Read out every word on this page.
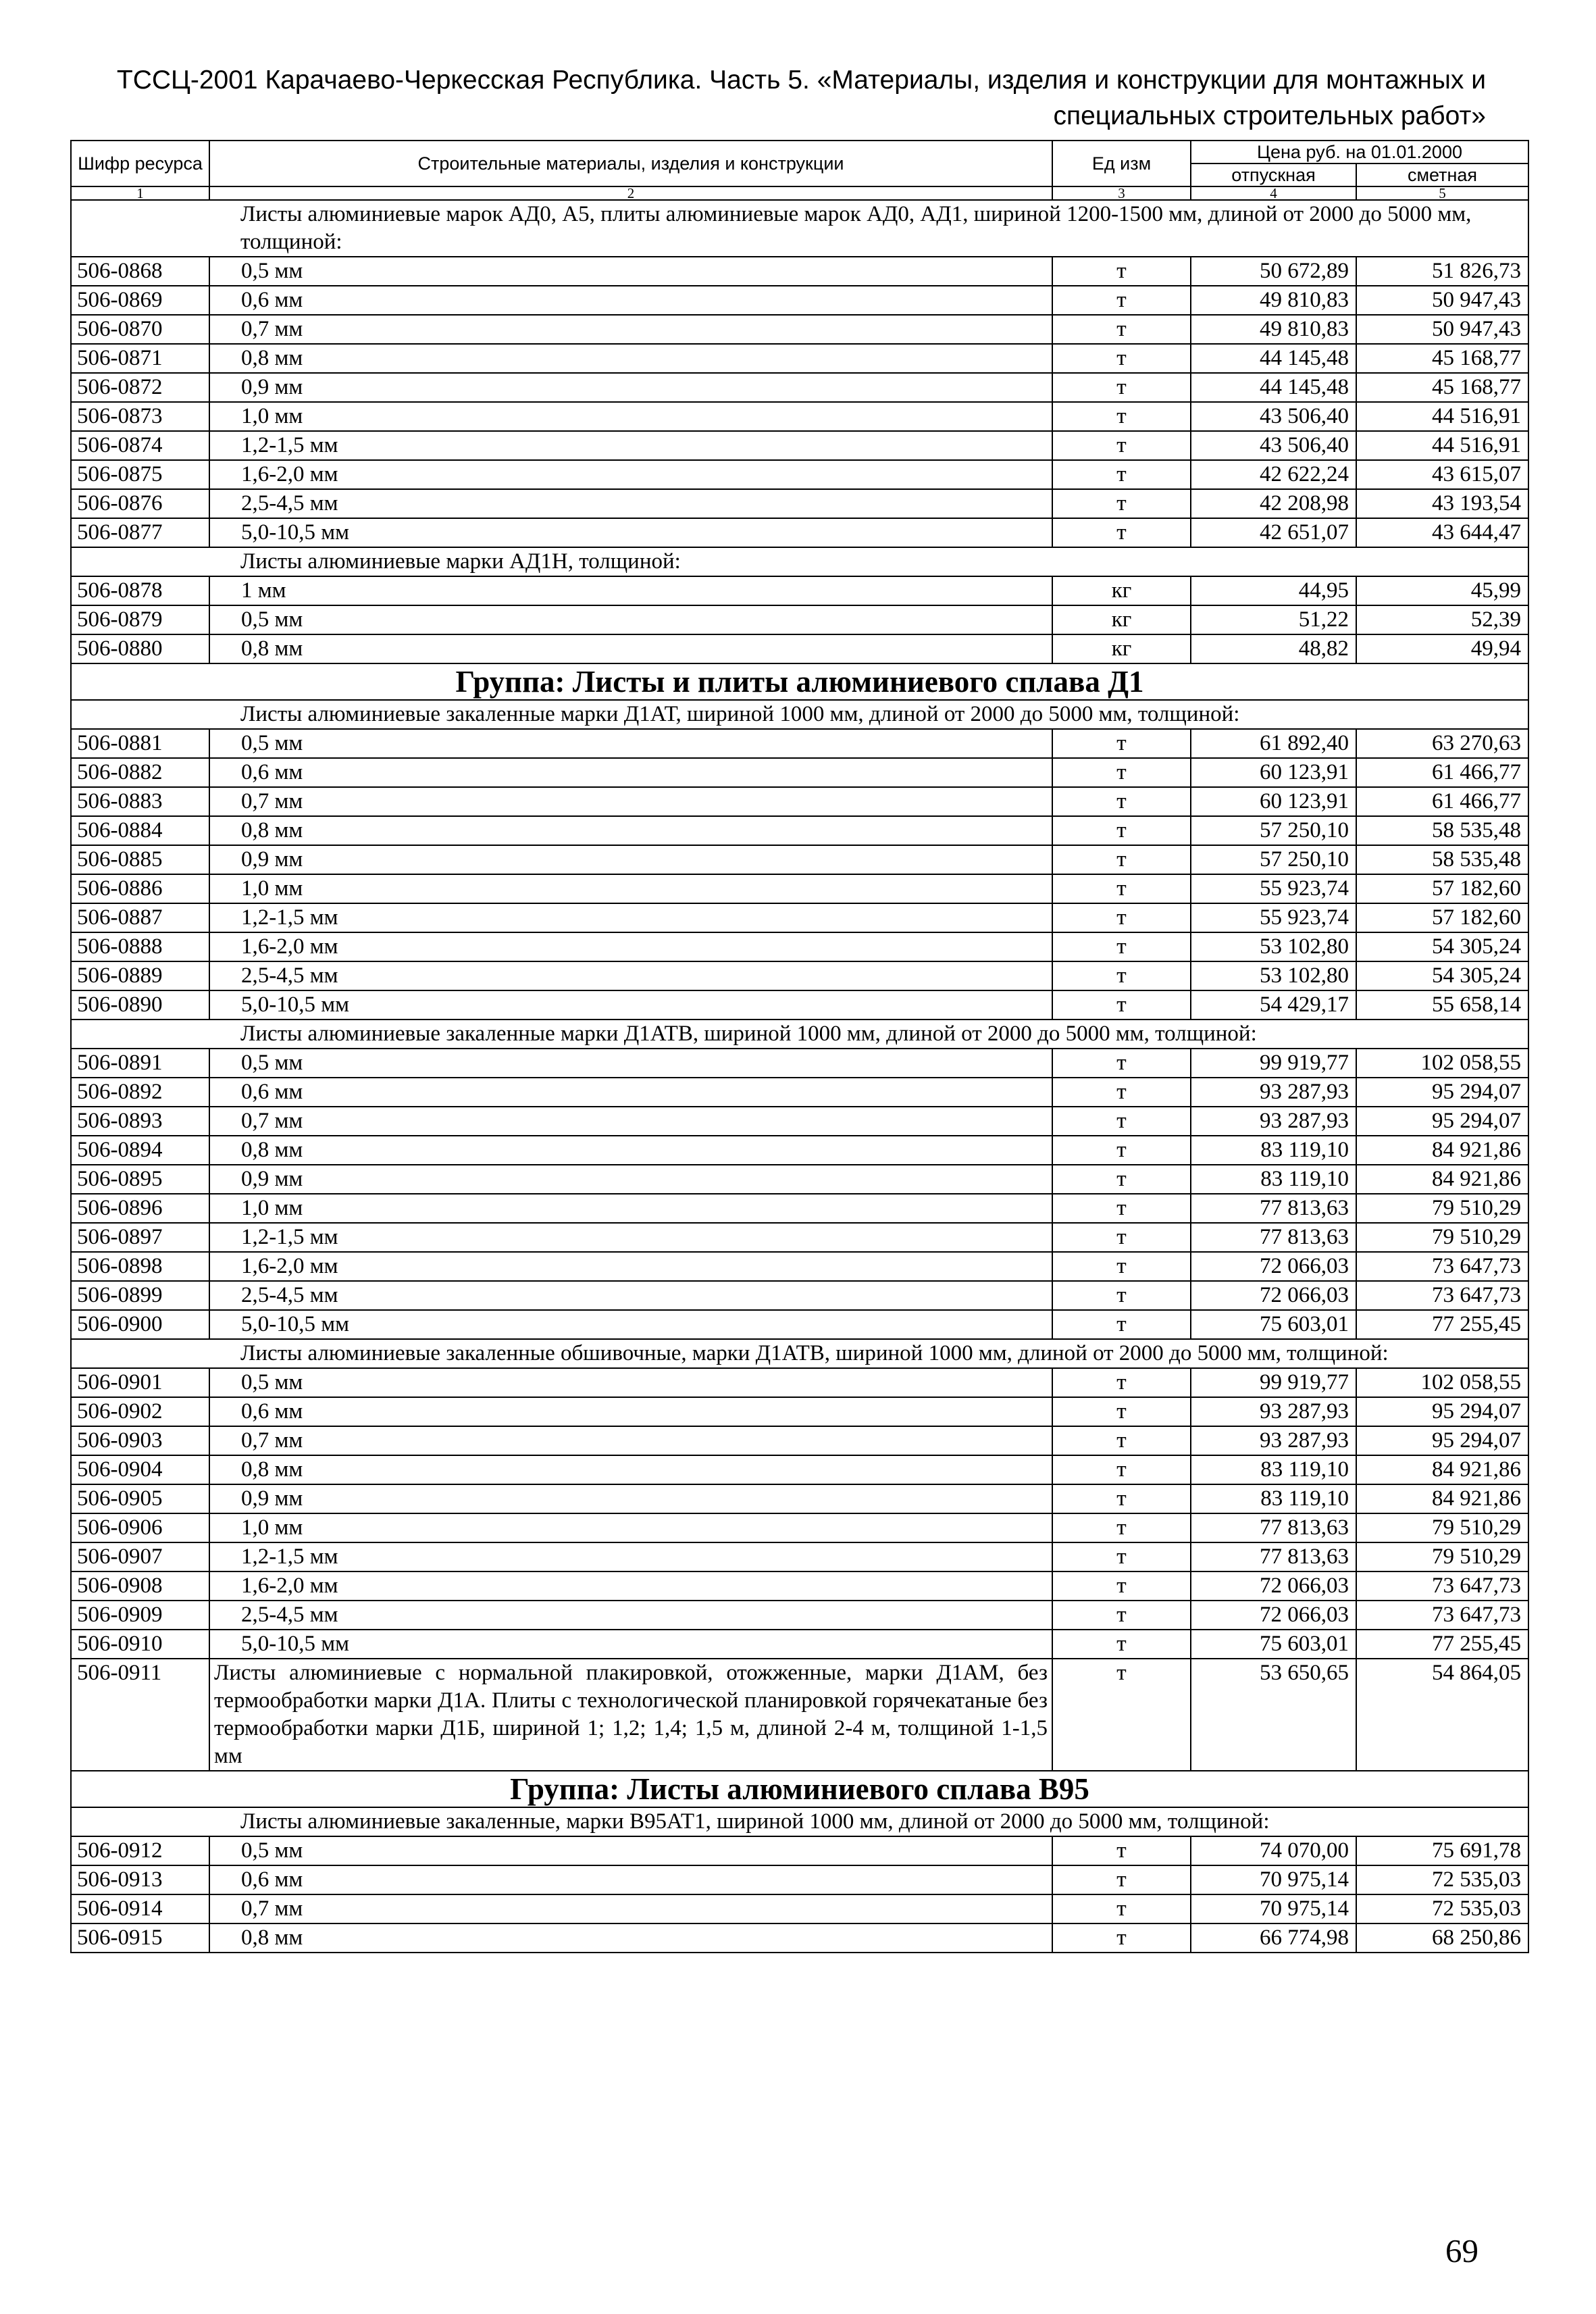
ТССЦ-2001 Карачаево-Черкесская Республика. Часть 5. «Материалы, изделия и конструкции для монтажных и
специальных строительных работ»
Шифр ресурса	Строительные материалы, изделия и конструкции	Ед изм	Цена руб. на 01.01.2000	
			отпускная	сметная
1	2	3	4	5
	Листы алюминиевые марок АД0, А5, плиты алюминиевые марок АД0, АД1, шириной 1200-1500 мм, длиной от 2000 до 5000 мм, толщиной:			
506-0868	0,5 мм	т	50 672,89	51 826,73
506-0869	0,6 мм	т	49 810,83	50 947,43
506-0870	0,7 мм	т	49 810,83	50 947,43
506-0871	0,8 мм	т	44 145,48	45 168,77
506-0872	0,9 мм	т	44 145,48	45 168,77
506-0873	1,0 мм	т	43 506,40	44 516,91
506-0874	1,2-1,5 мм	т	43 506,40	44 516,91
506-0875	1,6-2,0 мм	т	42 622,24	43 615,07
506-0876	2,5-4,5 мм	т	42 208,98	43 193,54
506-0877	5,0-10,5 мм	т	42 651,07	43 644,47
	Листы алюминиевые марки АД1Н, толщиной:			
506-0878	1 мм	кг	44,95	45,99
506-0879	0,5 мм	кг	51,22	52,39
506-0880	0,8 мм	кг	48,82	49,94
Группа: Листы и плиты алюминиевого сплава Д1				
	Листы алюминиевые закаленные марки Д1АТ, шириной 1000 мм, длиной от 2000 до 5000 мм, толщиной:			
506-0881	0,5 мм	т	61 892,40	63 270,63
506-0882	0,6 мм	т	60 123,91	61 466,77
506-0883	0,7 мм	т	60 123,91	61 466,77
506-0884	0,8 мм	т	57 250,10	58 535,48
506-0885	0,9 мм	т	57 250,10	58 535,48
506-0886	1,0 мм	т	55 923,74	57 182,60
506-0887	1,2-1,5 мм	т	55 923,74	57 182,60
506-0888	1,6-2,0 мм	т	53 102,80	54 305,24
506-0889	2,5-4,5 мм	т	53 102,80	54 305,24
506-0890	5,0-10,5 мм	т	54 429,17	55 658,14
	Листы алюминиевые закаленные марки Д1АТВ, шириной 1000 мм, длиной от 2000 до 5000 мм, толщиной:			
506-0891	0,5 мм	т	99 919,77	102 058,55
506-0892	0,6 мм	т	93 287,93	95 294,07
506-0893	0,7 мм	т	93 287,93	95 294,07
506-0894	0,8 мм	т	83 119,10	84 921,86
506-0895	0,9 мм	т	83 119,10	84 921,86
506-0896	1,0 мм	т	77 813,63	79 510,29
506-0897	1,2-1,5 мм	т	77 813,63	79 510,29
506-0898	1,6-2,0 мм	т	72 066,03	73 647,73
506-0899	2,5-4,5 мм	т	72 066,03	73 647,73
506-0900	5,0-10,5 мм	т	75 603,01	77 255,45
	Листы алюминиевые закаленные обшивочные, марки Д1АТВ, шириной 1000 мм, длиной от 2000 до 5000 мм, толщиной:			
506-0901	0,5 мм	т	99 919,77	102 058,55
506-0902	0,6 мм	т	93 287,93	95 294,07
506-0903	0,7 мм	т	93 287,93	95 294,07
506-0904	0,8 мм	т	83 119,10	84 921,86
506-0905	0,9 мм	т	83 119,10	84 921,86
506-0906	1,0 мм	т	77 813,63	79 510,29
506-0907	1,2-1,5 мм	т	77 813,63	79 510,29
506-0908	1,6-2,0 мм	т	72 066,03	73 647,73
506-0909	2,5-4,5 мм	т	72 066,03	73 647,73
506-0910	5,0-10,5 мм	т	75 603,01	77 255,45
506-0911	Листы алюминиевые с нормальной плакировкой, отожженные, марки Д1АМ, без термообработки марки Д1А. Плиты с технологической планировкой горячекатаные без термообработки марки Д1Б, шириной 1; 1,2; 1,4; 1,5 м, длиной 2-4 м, толщиной 1-1,5 мм	т	53 650,65	54 864,05
Группа: Листы алюминиевого сплава В95				
	Листы алюминиевые закаленные, марки В95АТ1, шириной 1000 мм, длиной от 2000 до 5000 мм, толщиной:			
506-0912	0,5 мм	т	74 070,00	75 691,78
506-0913	0,6 мм	т	70 975,14	72 535,03
506-0914	0,7 мм	т	70 975,14	72 535,03
506-0915	0,8 мм	т	66 774,98	68 250,86
69
